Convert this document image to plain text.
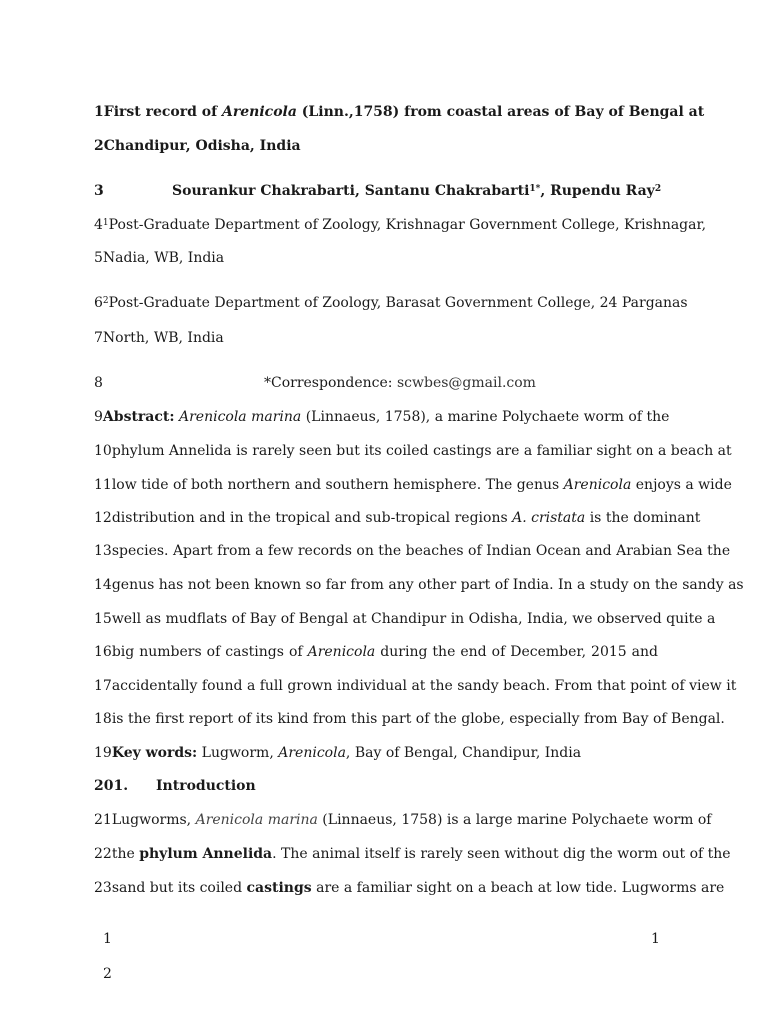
1First record of Arenicola (Linn.,1758) from coastal areas of Bay of Bengal at
2Chandipur, Odisha, India
3	Sourankur Chakrabarti, Santanu Chakrabarti$^{1*}$, Rupendu Ray$^2$
$4^1Post$-Graduate Department of Zoology, Krishnagar Government College, Krishnagar,
5Nadia, WB, India
$6^2Post$-Graduate Department of Zoology, Barasat Government College, 24 Parganas
7North, WB, India
8	*Correspondence: scwbes@gmail.com
9Abstract: Arenicola marina (Linnaeus, 1758), a marine Polychaete worm of the
10phylum Annelida is rarely seen but its coiled castings are a familiar sight on a beach at
11low tide of both northern and southern hemisphere. The genus Arenicola enjoys a wide
12distribution and in the tropical and sub-tropical regions A. cristata is the dominant
13species. Apart from a few records on the beaches of Indian Ocean and Arabian Sea the
14genus has not been known so far from any other part of India. In a study on the sandy as
15well as mudflats of Bay of Bengal at Chandipur in Odisha, India, we observed quite a
16big numbers of castings of Arenicola during the end of December, 2015 and
17accidentally found a full grown individual at the sandy beach. From that point of view it
18is the first report of its kind from this part of the globe, especially from Bay of Bengal.
19Key words: Lugworm, Arenicola, Bay of Bengal, Chandipur, India
201. Introduction
21Lugworms, Arenicola marina (Linnaeus, 1758) is a large marine Polychaete worm of
22the phylum Annelida. The animal itself is rarely seen without dig the worm out of the
23sand but its coiled castings are a familiar sight on a beach at low tide. Lugworms are
1	1
2
